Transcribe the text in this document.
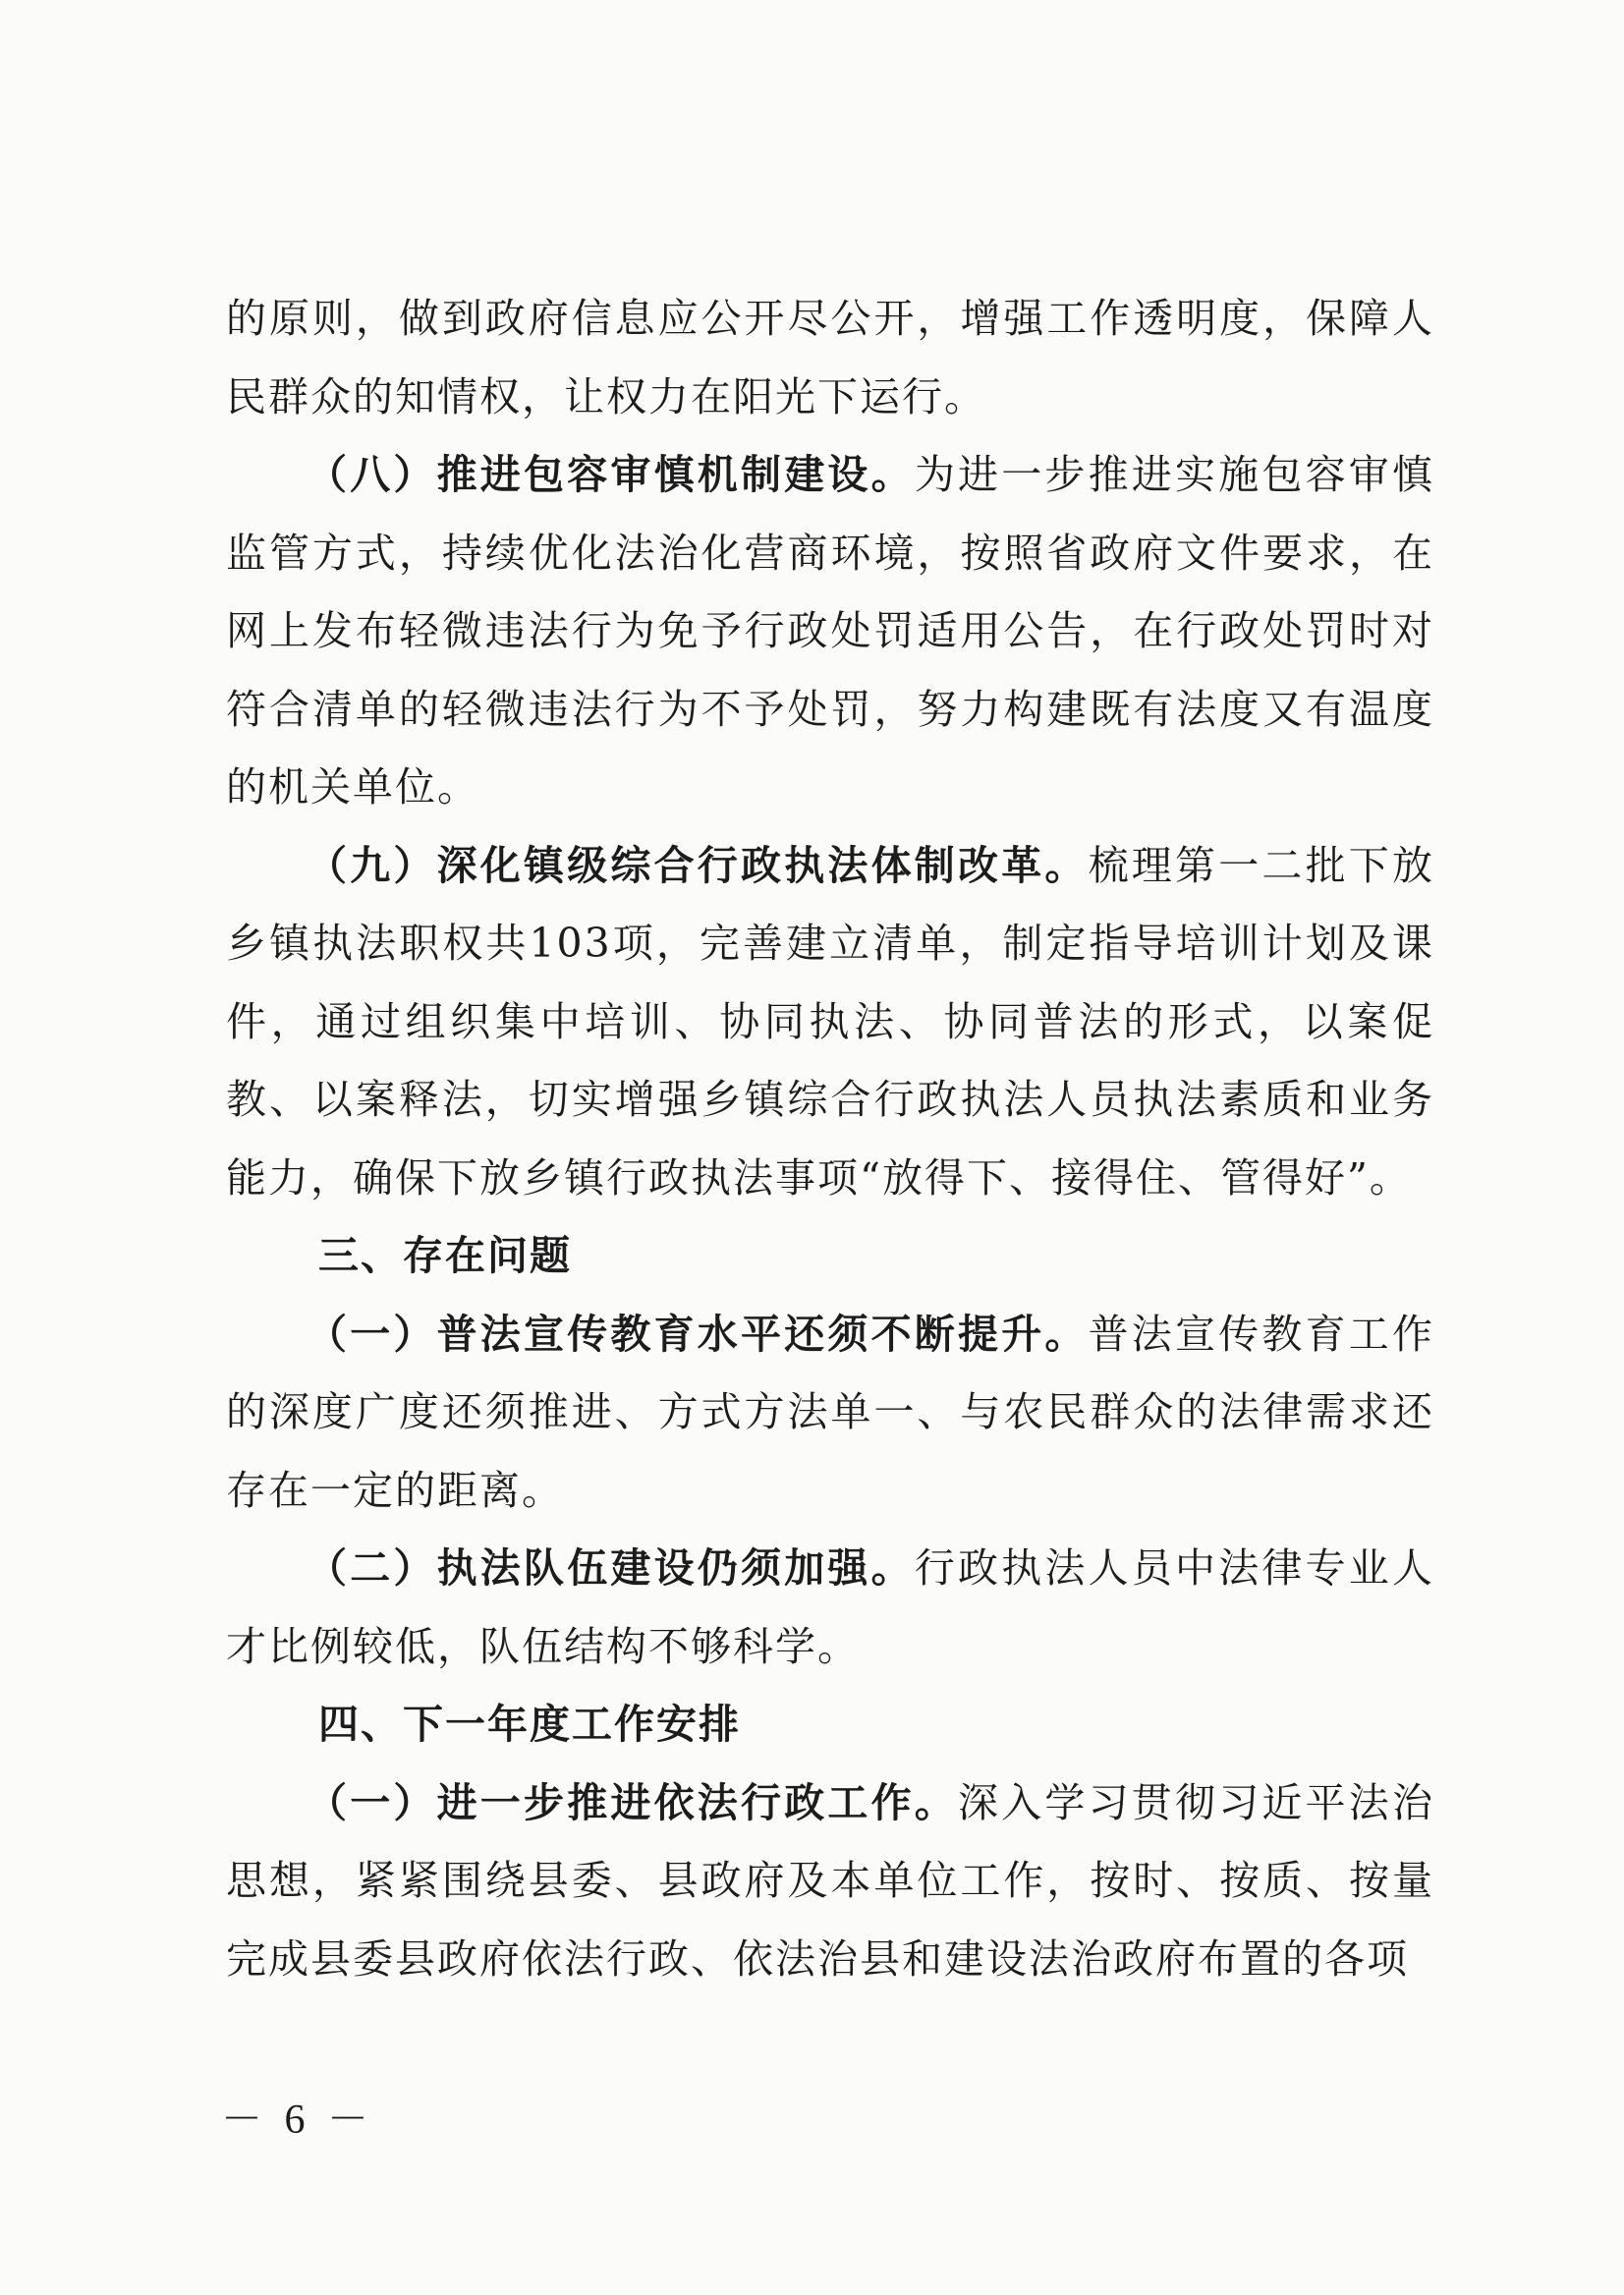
的原则，做到政府信息应公开尽公开，增强工作透明度，保障人民群众的知情权，让权力在阳光下运行。

（八）推进包容审慎机制建设。为进一步推进实施包容审慎监管方式，持续优化法治化营商环境，按照省政府文件要求，在网上发布轻微违法行为免予行政处罚适用公告，在行政处罚时对符合清单的轻微违法行为不予处罚，努力构建既有法度又有温度的机关单位。

（九）深化镇级综合行政执法体制改革。梳理第一二批下放乡镇执法职权共103项，完善建立清单，制定指导培训计划及课件，通过组织集中培训、协同执法、协同普法的形式，以案促教、以案释法，切实增强乡镇综合行政执法人员执法素质和业务能力，确保下放乡镇行政执法事项“放得下、接得住、管得好”。

三、存在问题

（一）普法宣传教育水平还须不断提升。普法宣传教育工作的深度广度还须推进、方式方法单一、与农民群众的法律需求还存在一定的距离。

（二）执法队伍建设仍须加强。行政执法人员中法律专业人才比例较低，队伍结构不够科学。

四、下一年度工作安排

（一）进一步推进依法行政工作。深入学习贯彻习近平法治思想，紧紧围绕县委、县政府及本单位工作，按时、按质、按量完成县委县政府依法行政、依法治县和建设法治政府布置的各项

－ 6 －
